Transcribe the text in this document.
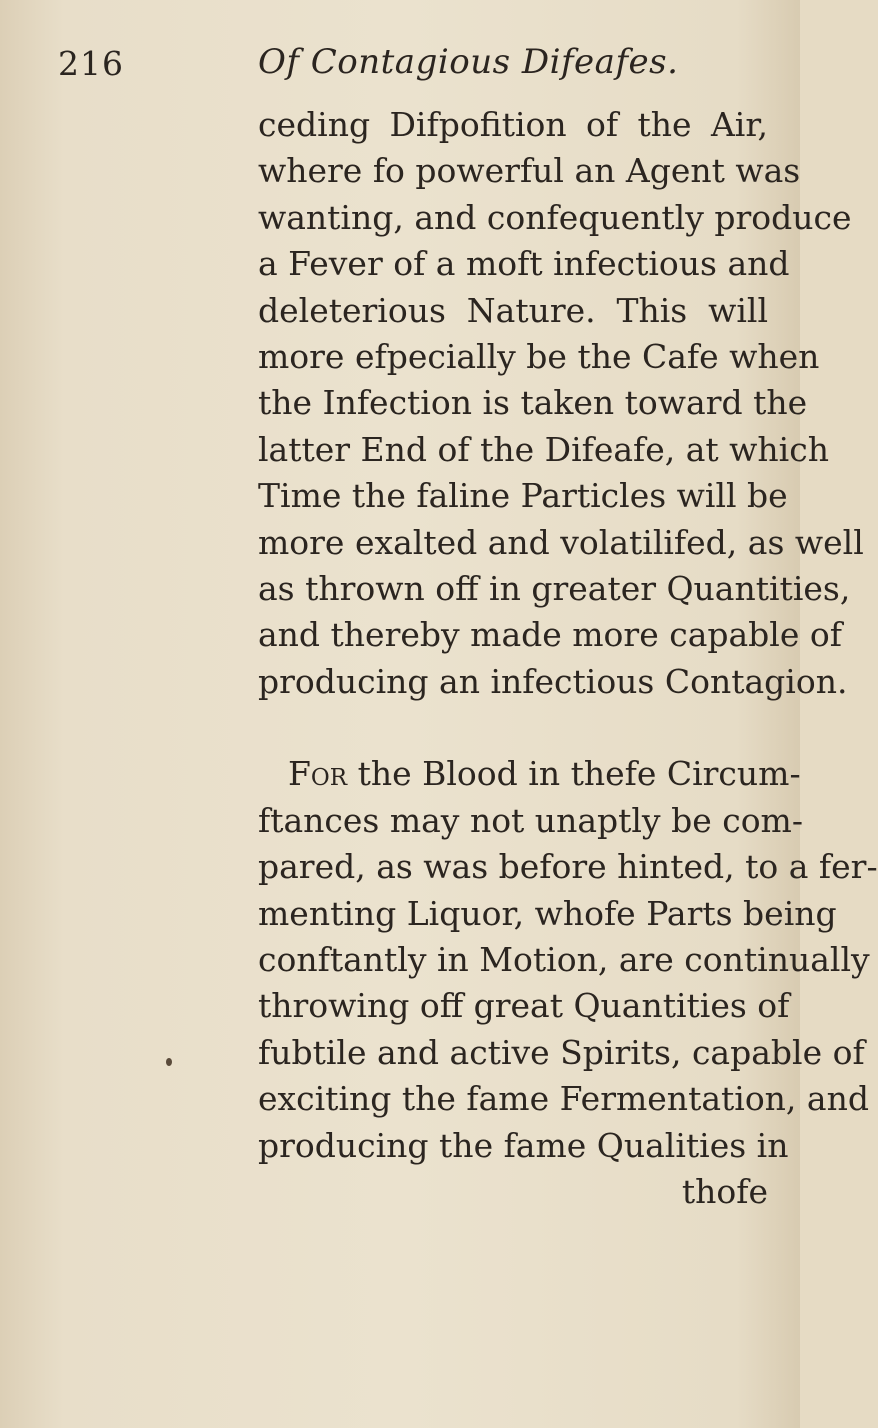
216	Of Contagious Difeafes.
ceding Difpofition of the Air,
where fo powerful an Agent was
wanting, and confequently produce
a Fever of a moft infectious and
deleterious Nature. This will
more efpecially be the Cafe when
the Infection is taken toward the
latter End of the Difeafe, at which
Time the faline Particles will be
more exalted and volatilifed, as well
as thrown off in greater Quantities,
and thereby made more capable of
producing an infectious Contagion.
For the Blood in thefe Circum-
ftances may not unaptly be com-
pared, as was before hinted, to a fer-
menting Liquor, whofe Parts being
conftantly in Motion, are continually
throwing off great Quantities of
fubtile and active Spirits, capable of
exciting the fame Fermentation, and
producing the fame Qualities in
thofe
